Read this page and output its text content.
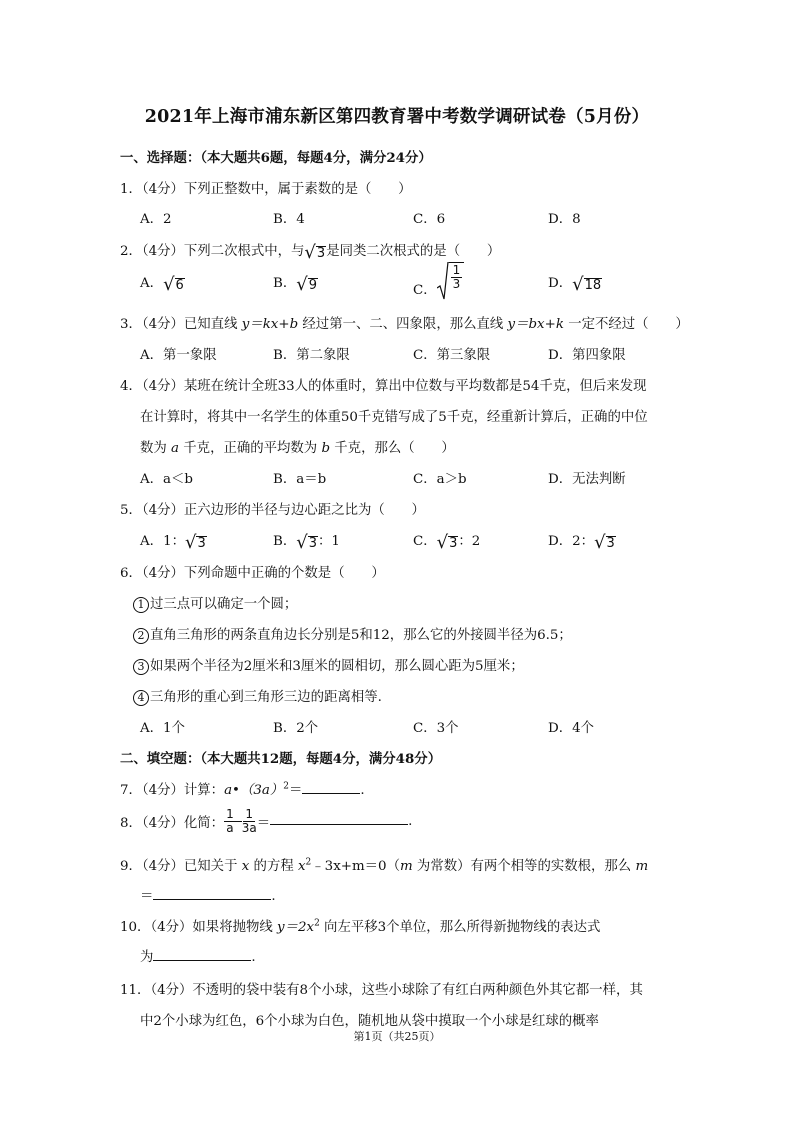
2021年上海市浦东新区第四教育署中考数学调研试卷（5月份）
一、选择题：（本大题共6题，每题4分，满分24分）
1．（4分）下列正整数中，属于素数的是（　　）
A．2	B．4	C．6	D．8
2．（4分）下列二次根式中，与 √ 3 是同类二次根式的是（　　）
A． √ 6	B． √ 9	C． $\frac{1}{3}$	D． √ 18
3．（4分）已知直线 y＝kx+b 经过第一、二、四象限，那么直线 y＝bx+k 一定不经过（　　）
A．第一象限	B．第二象限	C．第三象限	D．第四象限
4．（4分）某班在统计全班33人的体重时，算出中位数与平均数都是54千克，但后来发现
在计算时，将其中一名学生的体重50千克错写成了5千克，经重新计算后，正确的中位
数为 a 千克，正确的平均数为 b 千克，那么（　　）
A．a＜b	B．a＝b	C．a＞b	D．无法判断
5．（4分）正六边形的半径与边心距之比为（　　）
A．1： √ 3	B． √ 3 ：1	C． √ 3 ：2	D．2： √ 3
6．（4分）下列命题中正确的个数是（　　）
1 过三点可以确定一个圆；
2 直角三角形的两条直角边长分别是5和12，那么它的外接圆半径为6.5；
3 如果两个半径为2厘米和3厘米的圆相切，那么圆心距为5厘米；
4 三角形的重心到三角形三边的距离相等.
A．1个	B．2个	C．3个	D．4个
二、填空题：（本大题共12题，每题4分，满分48分）
7．（4分）计算：$a•(3a)^2=$	.
8．（4分）化简： $\frac{1}{a} \frac{1}{3a}$ ＝	.
9．（4分）已知关于 x 的方程 $x^2﹣3x+m=0(m$ 为常数）有两个相等的实数根，那么 m
＝	.
10．（4分）如果将抛物线 $y=2x^2$ 向左平移3个单位，那么所得新抛物线的表达式
为	.
11．（4分）不透明的袋中装有8个小球，这些小球除了有红白两种颜色外其它都一样，其
中2个小球为红色，6个小球为白色，随机地从袋中摸取一个小球是红球的概率
第1页（共25页）
